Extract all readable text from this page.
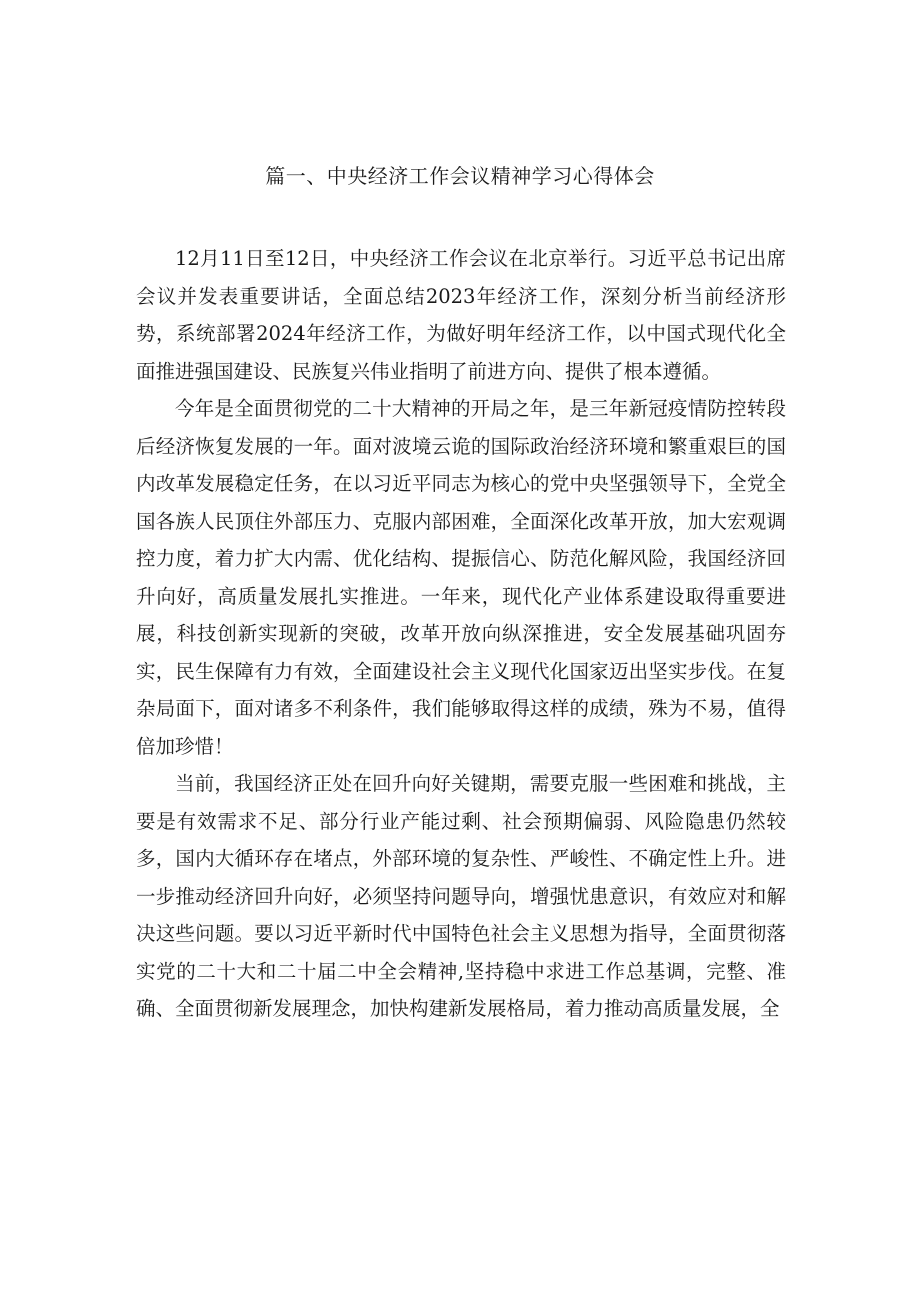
篇一、中央经济工作会议精神学习心得体会

12月11日至12日，中央经济工作会议在北京举行。习近平总书记出席会议并发表重要讲话，全面总结2023年经济工作，深刻分析当前经济形势，系统部署2024年经济工作，为做好明年经济工作，以中国式现代化全面推进强国建设、民族复兴伟业指明了前进方向、提供了根本遵循。

今年是全面贯彻党的二十大精神的开局之年，是三年新冠疫情防控转段后经济恢复发展的一年。面对波境云诡的国际政治经济环境和繁重艰巨的国内改革发展稳定任务，在以习近平同志为核心的党中央坚强领导下，全党全国各族人民顶住外部压力、克服内部困难，全面深化改革开放，加大宏观调控力度，着力扩大内需、优化结构、提振信心、防范化解风险，我国经济回升向好，高质量发展扎实推进。一年来，现代化产业体系建设取得重要进展，科技创新实现新的突破，改革开放向纵深推进，安全发展基础巩固夯实，民生保障有力有效，全面建设社会主义现代化国家迈出坚实步伐。在复杂局面下，面对诸多不利条件，我们能够取得这样的成绩，殊为不易，值得倍加珍惜！

当前，我国经济正处在回升向好关键期，需要克服一些困难和挑战，主要是有效需求不足、部分行业产能过剩、社会预期偏弱、风险隐患仍然较多，国内大循环存在堵点，外部环境的复杂性、严峻性、不确定性上升。进一步推动经济回升向好，必须坚持问题导向，增强忧患意识，有效应对和解决这些问题。要以习近平新时代中国特色社会主义思想为指导，全面贯彻落实党的二十大和二十届二中全会精神,坚持稳中求进工作总基调，完整、准确、全面贯彻新发展理念，加快构建新发展格局，着力推动高质量发展，全
